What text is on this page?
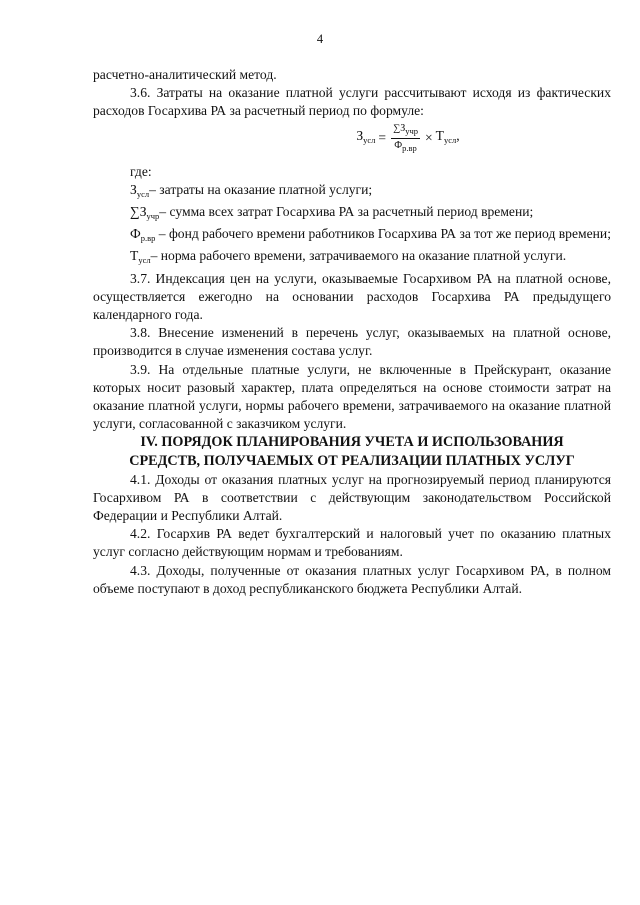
4

расчетно-аналитический метод.

3.6. Затраты на оказание платной услуги рассчитывают исходя из фактических расходов Госархива РА за расчетный период по формуле:

$З_{усл} = \frac{\sum З_{учр}}{Ф_{р.вр}} \times Т_{усл}$,

где:

$З_{усл}-$ затраты на оказание платной услуги;

$\sum З_{учр}-$ сумма всех затрат Госархива РА за расчетный период времени;

$Ф_{р.вр}$ – фонд рабочего времени работников Госархива РА за тот же период времени;

$Т_{усл}-$ норма рабочего времени, затрачиваемого на оказание платной услуги.

3.7. Индексация цен на услуги, оказываемые Госархивом РА на платной основе, осуществляется ежегодно на основании расходов Госархива РА предыдущего календарного года.

3.8. Внесение изменений в перечень услуг, оказываемых на платной основе, производится в случае изменения состава услуг.

3.9. На отдельные платные услуги, не включенные в Прейскурант, оказание которых носит разовый характер, плата определяться на основе стоимости затрат на оказание платной услуги, нормы рабочего времени, затрачиваемого на оказание платной услуги, согласованной с заказчиком услуги.

IV. ПОРЯДОК ПЛАНИРОВАНИЯ УЧЕТА И ИСПОЛЬЗОВАНИЯ

СРЕДСТВ, ПОЛУЧАЕМЫХ ОТ РЕАЛИЗАЦИИ ПЛАТНЫХ УСЛУГ

4.1. Доходы от оказания платных услуг на прогнозируемый период планируются Госархивом РА в соответствии с действующим законодательством Российской Федерации и Республики Алтай.

4.2. Госархив РА ведет бухгалтерский и налоговый учет по оказанию платных услуг согласно действующим нормам и требованиям.

4.3. Доходы, полученные от оказания платных услуг Госархивом РА, в полном объеме поступают в доход республиканского бюджета Республики Алтай.
